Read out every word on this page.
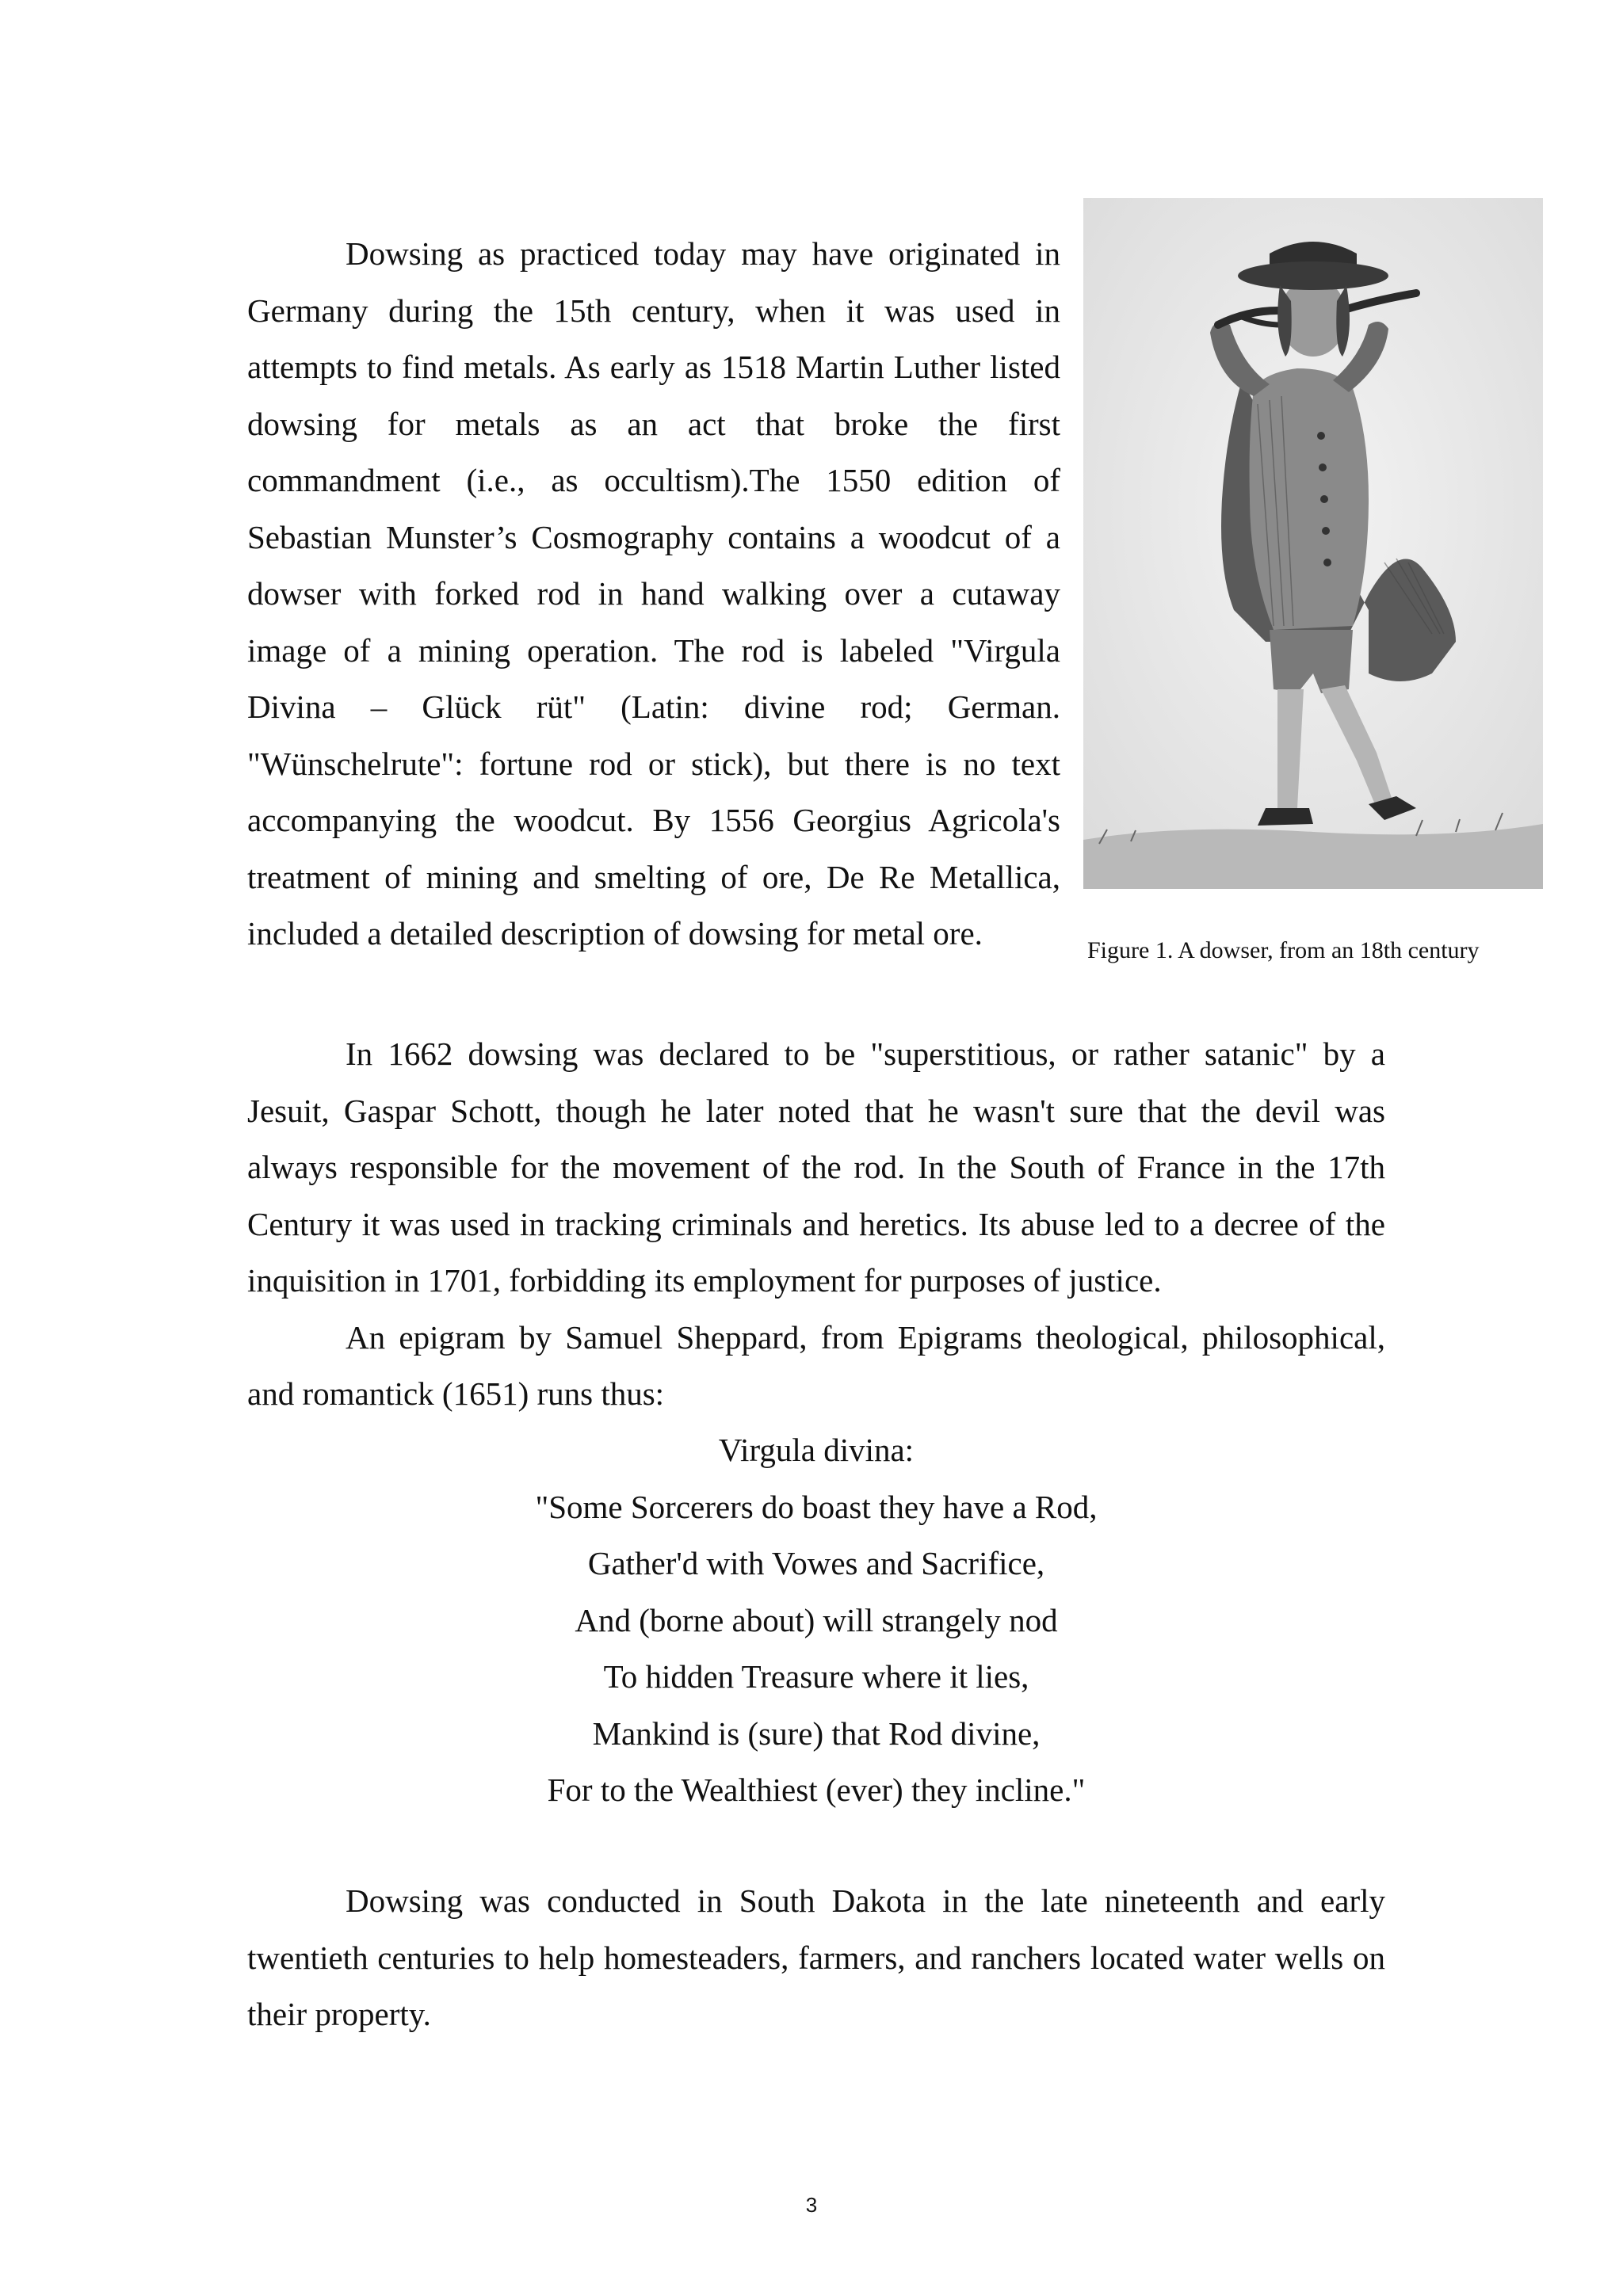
Dowsing as practiced today may have originated in Germany during the 15th century, when it was used in attempts to find metals. As early as 1518 Martin Luther listed dowsing for metals as an act that broke the first commandment (i.e., as occultism).The 1550 edition of Sebastian Munster’s Cosmography contains a woodcut of a dowser with forked rod in hand walking over a cutaway image of a mining operation. The rod is labeled "Virgula Divina – Glück rüt" (Latin: divine rod; German. "Wünschelrute": fortune rod or stick), but there is no text accompanying the woodcut. By 1556 Georgius Agricola's treatment of mining and smelting of ore, De Re Metallica, included a detailed description of dowsing for metal ore.	Figure 1. A dowser, from an 18th century

In 1662 dowsing was declared to be "superstitious, or rather satanic" by a Jesuit, Gaspar Schott, though he later noted that he wasn't sure that the devil was always responsible for the movement of the rod. In the South of France in the 17th Century it was used in tracking criminals and heretics. Its abuse led to a decree of the inquisition in 1701, forbidding its employment for purposes of justice.

An epigram by Samuel Sheppard, from Epigrams theological, philosophical, and romantick (1651) runs thus:

Virgula divina:
"Some Sorcerers do boast they have a Rod,
Gather'd with Vowes and Sacrifice,
And (borne about) will strangely nod
To hidden Treasure where it lies,
Mankind is (sure) that Rod divine,
For to the Wealthiest (ever) they incline."

Dowsing was conducted in South Dakota in the late nineteenth and early twentieth centuries to help homesteaders, farmers, and ranchers located water wells on their property.

3
